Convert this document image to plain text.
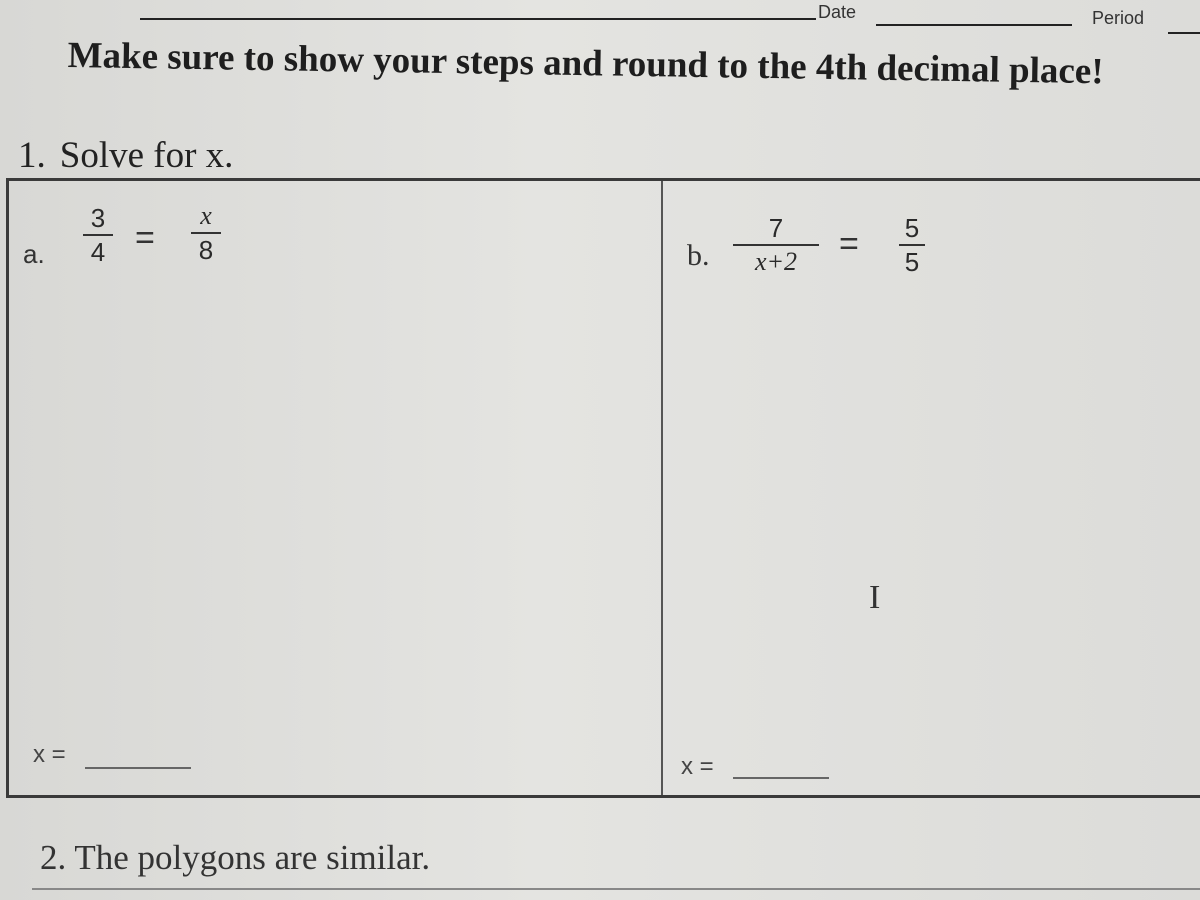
Date	Period
Make sure to show your steps and round to the 4th decimal place!
1. Solve for x.
a.
3
4 =
x
8
x =
b.
7
x+2	= 5
5
I
x =
2. The polygons are similar.
